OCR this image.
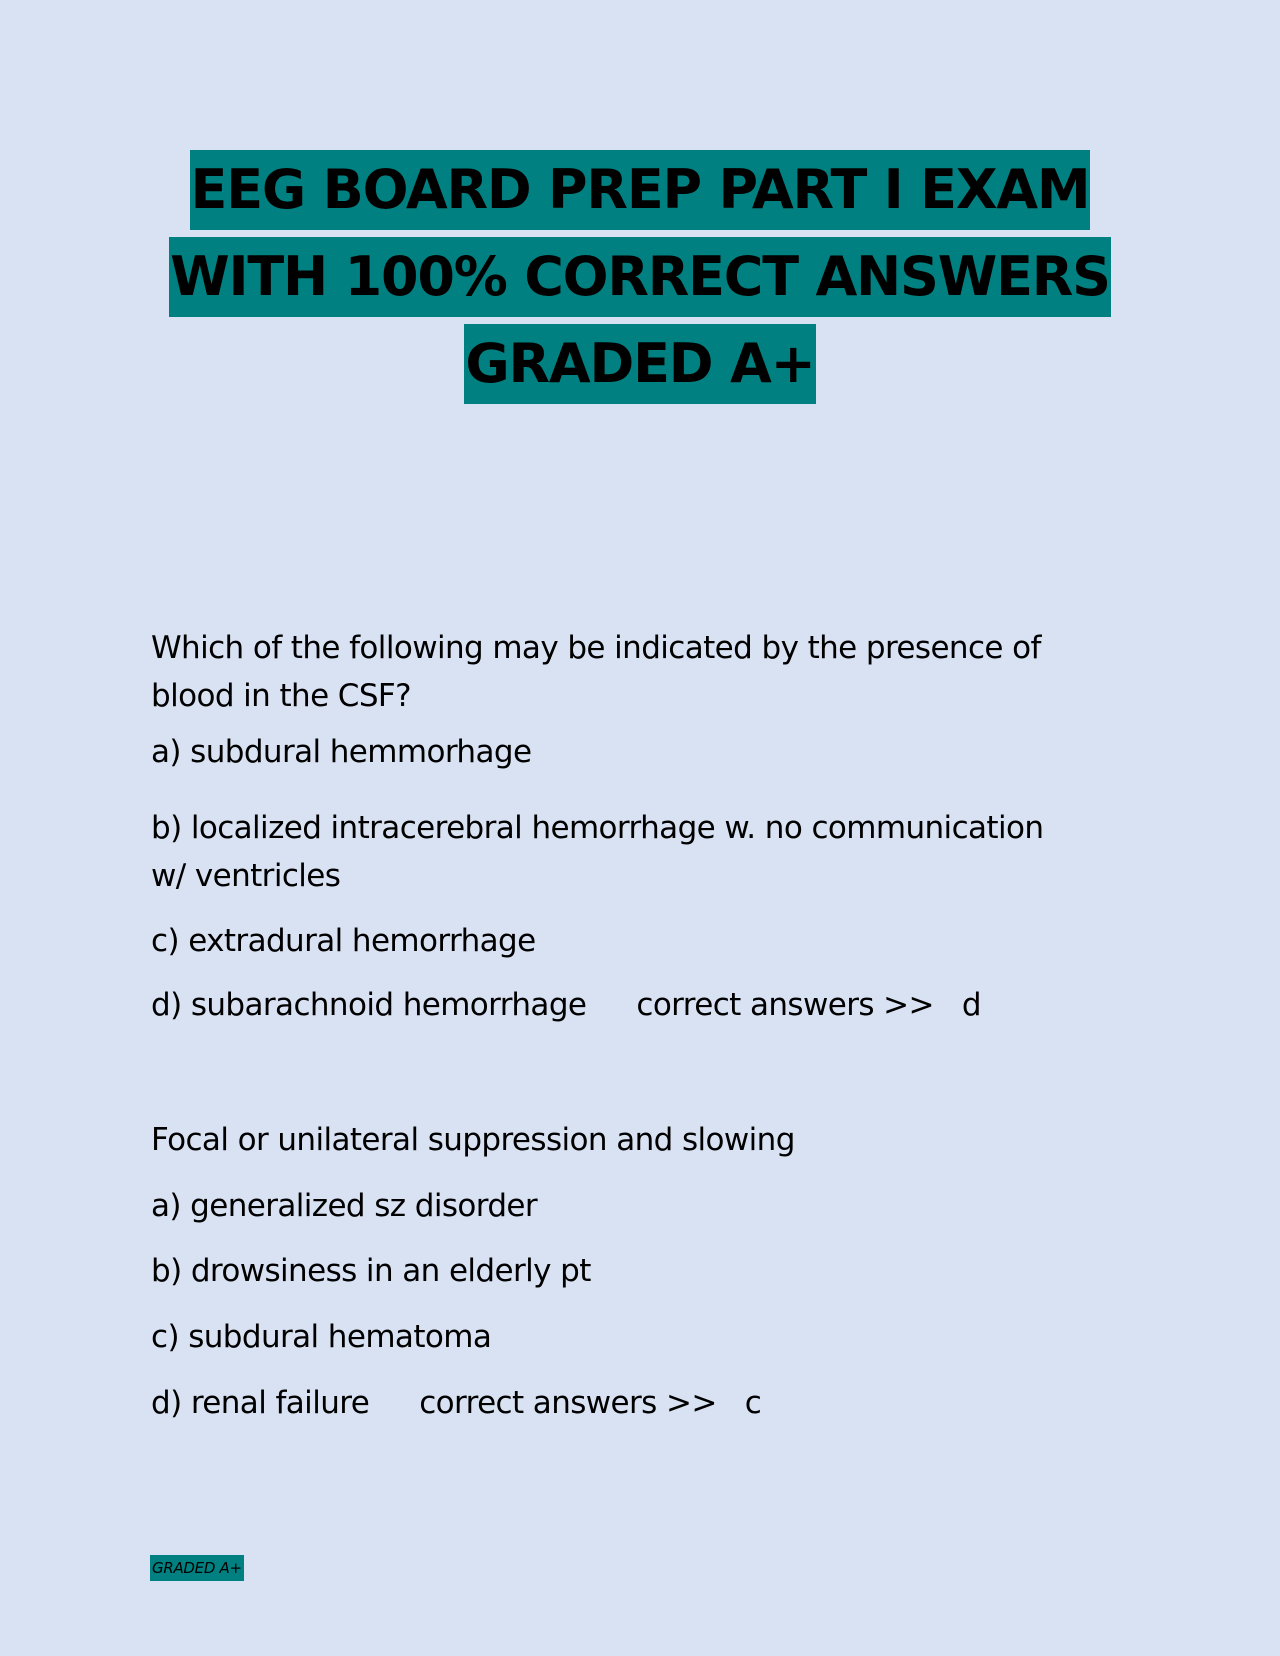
EEG BOARD PREP PART I EXAM
WITH 100% CORRECT ANSWERS
GRADED A+

Which of the following may be indicated by the presence of
blood in the CSF?

a) subdural hemmorhage

b) localized intracerebral hemorrhage w. no communication
w/ ventricles

c) extradural hemorrhage

d) subarachnoid hemorrhage correct answers >> d

Focal or unilateral suppression and slowing

a) generalized sz disorder

b) drowsiness in an elderly pt

c) subdural hematoma

d) renal failure correct answers >> c

GRADED A+
